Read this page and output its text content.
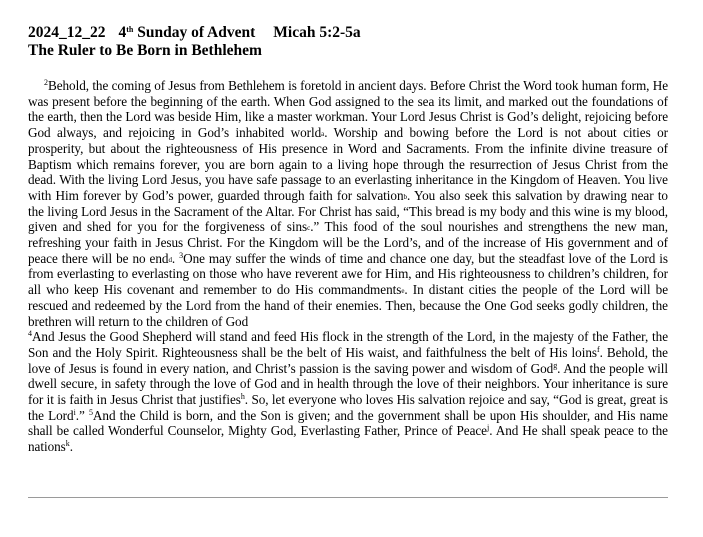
2024_12_22 4th Sunday of Advent Micah 5:2-5a
The Ruler to Be Born in Bethlehem

$^2$Behold, the coming of Jesus from Bethlehem is foretold in ancient days. Before Christ the Word took human form, He was present before the beginning of the earth. When God assigned to the sea its limit, and marked out the foundations of the earth, then the Lord was beside Him, like a master workman. Your Lord Jesus Christ is God’s delight, rejoicing before God always, and rejoicing in God’s inhabited worlda. Worship and bowing before the Lord is not about cities or prosperity, but about the righteousness of His presence in Word and Sacraments. From the infinite divine treasure of Baptism which remains forever, you are born again to a living hope through the resurrection of Jesus Christ from the dead. With the living Lord Jesus, you have safe passage to an everlasting inheritance in the Kingdom of Heaven. You live with Him forever by God’s power, guarded through faith for salvationb. You also seek this salvation by drawing near to the living Lord Jesus in the Sacrament of the Altar. For Christ has said, “This bread is my body and this wine is my blood, given and shed for you for the forgiveness of sinsc.” This food of the soul nourishes and strengthens the new man, refreshing your faith in Jesus Christ. For the Kingdom will be the Lord’s, and of the increase of His government and of peace there will be no endd. $^3$One may suffer the winds of time and chance one day, but the steadfast love of the Lord is from everlasting to everlasting on those who have reverent awe for Him, and His righteousness to children’s children, for all who keep His covenant and remember to do His commandmentse. In distant cities the people of the Lord will be rescued and redeemed by the Lord from the hand of their enemies. Then, because the One God seeks godly children, the brethren will return to the children of God
$^4$And Jesus the Good Shepherd will stand and feed His flock in the strength of the Lord, in the majesty of the Father, the Son and the Holy Spirit. Righteousness shall be the belt of His waist, and faithfulness the belt of His loins$^f$. Behold, the love of Jesus is found in every nation, and Christ’s passion is the saving power and wisdom of God$^g$. And the people will dwell secure, in safety through the love of God and in health through the love of their neighbors. Your inheritance is sure for it is faith in Jesus Christ that justifies$^h$. So, let everyone who loves His salvation rejoice and say, “God is great, great is the Lord$^i$.” $^5$And the Child is born, and the Son is given; and the government shall be upon His shoulder, and His name shall be called Wonderful Counselor, Mighty God, Everlasting Father, Prince of Peace$^j$. And He shall speak peace to the nations$^k$.
